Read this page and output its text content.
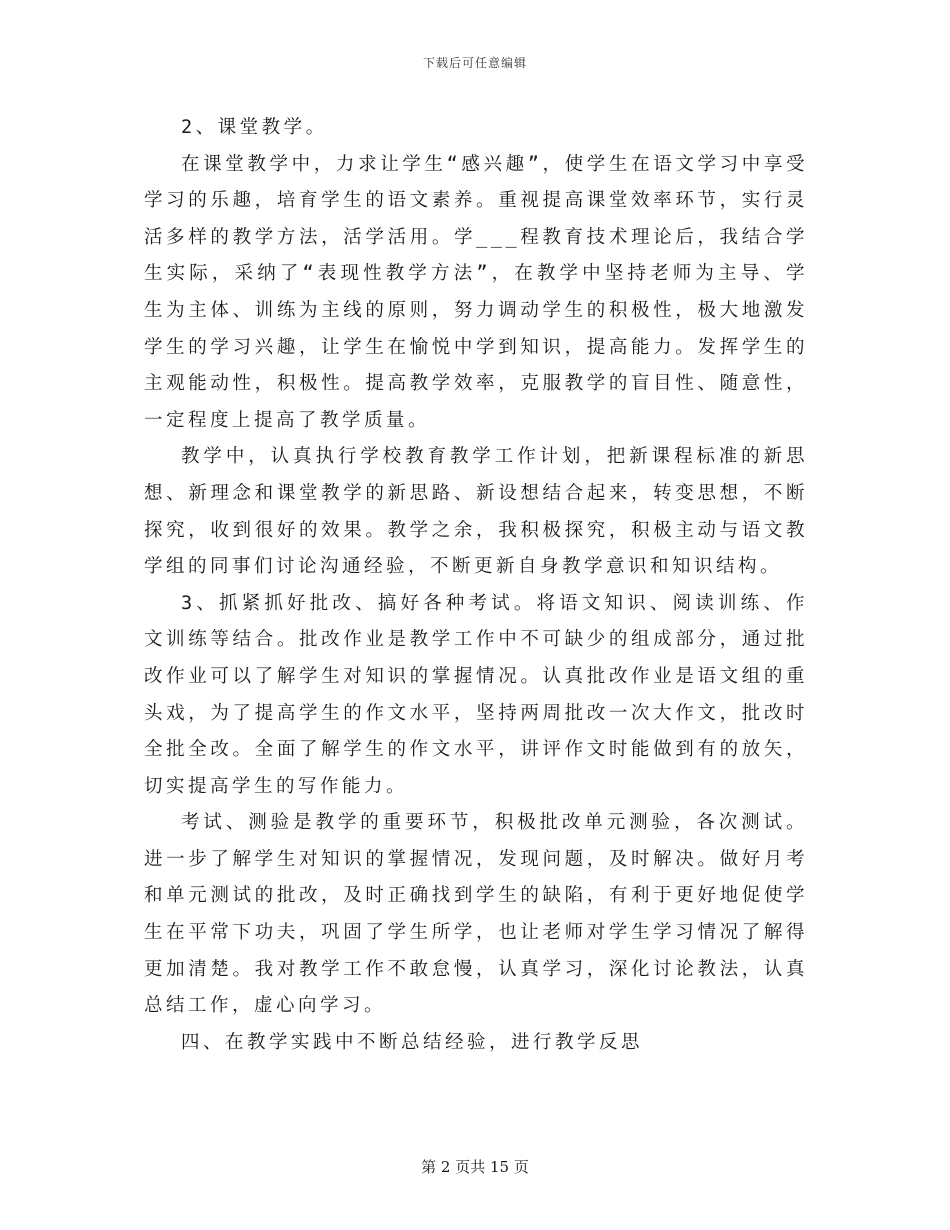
下载后可任意编辑

2、课堂教学。

在课堂教学中，力求让学生“感兴趣”，使学生在语文学习中享受学习的乐趣，培育学生的语文素养。重视提高课堂效率环节，实行灵活多样的教学方法，活学活用。学___程教育技术理论后，我结合学生实际，采纳了“表现性教学方法”，在教学中坚持老师为主导、学生为主体、训练为主线的原则，努力调动学生的积极性，极大地激发学生的学习兴趣，让学生在愉悦中学到知识，提高能力。发挥学生的主观能动性，积极性。提高教学效率，克服教学的盲目性、随意性，一定程度上提高了教学质量。

教学中，认真执行学校教育教学工作计划，把新课程标准的新思想、新理念和课堂教学的新思路、新设想结合起来，转变思想，不断探究，收到很好的效果。教学之余，我积极探究，积极主动与语文教学组的同事们讨论沟通经验，不断更新自身教学意识和知识结构。

3、抓紧抓好批改、搞好各种考试。将语文知识、阅读训练、作文训练等结合。批改作业是教学工作中不可缺少的组成部分，通过批改作业可以了解学生对知识的掌握情况。认真批改作业是语文组的重头戏，为了提高学生的作文水平，坚持两周批改一次大作文，批改时全批全改。全面了解学生的作文水平，讲评作文时能做到有的放矢，切实提高学生的写作能力。

考试、测验是教学的重要环节，积极批改单元测验，各次测试。进一步了解学生对知识的掌握情况，发现问题，及时解决。做好月考和单元测试的批改，及时正确找到学生的缺陷，有利于更好地促使学生在平常下功夫，巩固了学生所学，也让老师对学生学习情况了解得更加清楚。我对教学工作不敢怠慢，认真学习，深化讨论教法，认真总结工作，虚心向学习。

四、在教学实践中不断总结经验，进行教学反思

第 2 页共 15 页
